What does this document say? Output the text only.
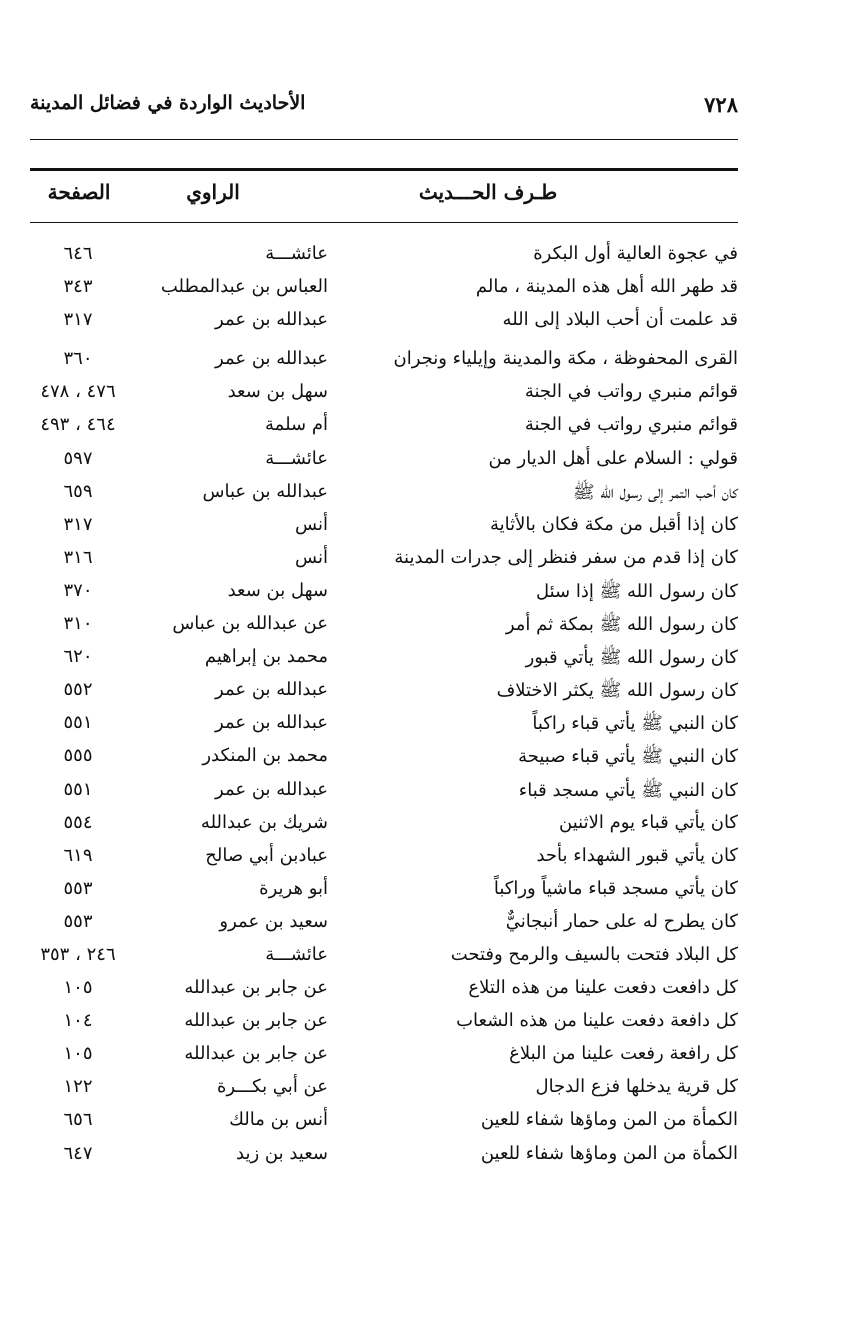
٧٢٨
الأحاديث الواردة في فضائل المدينة
طـرف الحـــديث
الراوي
الصفحة
في عجوة العالية أول البكرة
عائشـــة
٦٤٦
قد طهر الله أهل هذه المدينة ، مالم
العباس بن عبدالمطلب
٣٤٣
قد علمت أن أحب البلاد إلى الله
عبدالله بن عمر
٣١٧
القرى المحفوظة ، مكة والمدينة وإيلياء ونجران
عبدالله بن عمر
٣٦٠
قوائم منبري رواتب في الجنة
سهل بن سعد
٤٧٦ ، ٤٧٨
قوائم منبري رواتب في الجنة
أم سلمة
٤٦٤ ، ٤٩٣
قولي : السلام على أهل الديار من
عائشـــة
٥٩٧
كان أحب التمر إلى رسول الله ﷺ
عبدالله بن عباس
٦٥٩
كان إذا أقبل من مكة فكان بالأثاية
أنس
٣١٧
كان إذا قدم من سفر فنظر إلى جدرات المدينة
أنس
٣١٦
كان رسول الله ﷺ إذا سئل
سهل بن سعد
٣٧٠
كان رسول الله ﷺ بمكة ثم أمر
عن عبدالله بن عباس
٣١٠
كان رسول الله ﷺ يأتي قبور
محمد بن إبراهيم
٦٢٠
كان رسول الله ﷺ يكثر الاختلاف
عبدالله بن عمر
٥٥٢
كان النبي ﷺ يأتي قباء راكباً
عبدالله بن عمر
٥٥١
كان النبي ﷺ يأتي قباء صبيحة
محمد بن المنكدر
٥٥٥
كان النبي ﷺ يأتي مسجد قباء
عبدالله بن عمر
٥٥١
كان يأتي قباء يوم الاثنين
شريك بن عبدالله
٥٥٤
كان يأتي قبور الشهداء بأحد
عبادبن أبي صالح
٦١٩
كان يأتي مسجد قباء ماشياً وراكباً
أبو هريرة
٥٥٣
كان يطرح له على حمار أنبجانيٌّ
سعيد بن عمرو
٥٥٣
كل البلاد فتحت بالسيف والرمح وفتحت
عائشـــة
٢٤٦ ، ٣٥٣
كل دافعت دفعت علينا من هذه التلاع
عن جابر بن عبدالله
١٠٥
كل دافعة دفعت علينا من هذه الشعاب
عن جابر بن عبدالله
١٠٤
كل رافعة رفعت علينا من البلاغ
عن جابر بن عبدالله
١٠٥
كل قرية يدخلها فزع الدجال
عن أبي بكـــرة
١٢٢
الكمأة من المن وماؤها شفاء للعين
أنس بن مالك
٦٥٦
الكمأة من المن وماؤها شفاء للعين
سعيد بن زيد
٦٤٧
